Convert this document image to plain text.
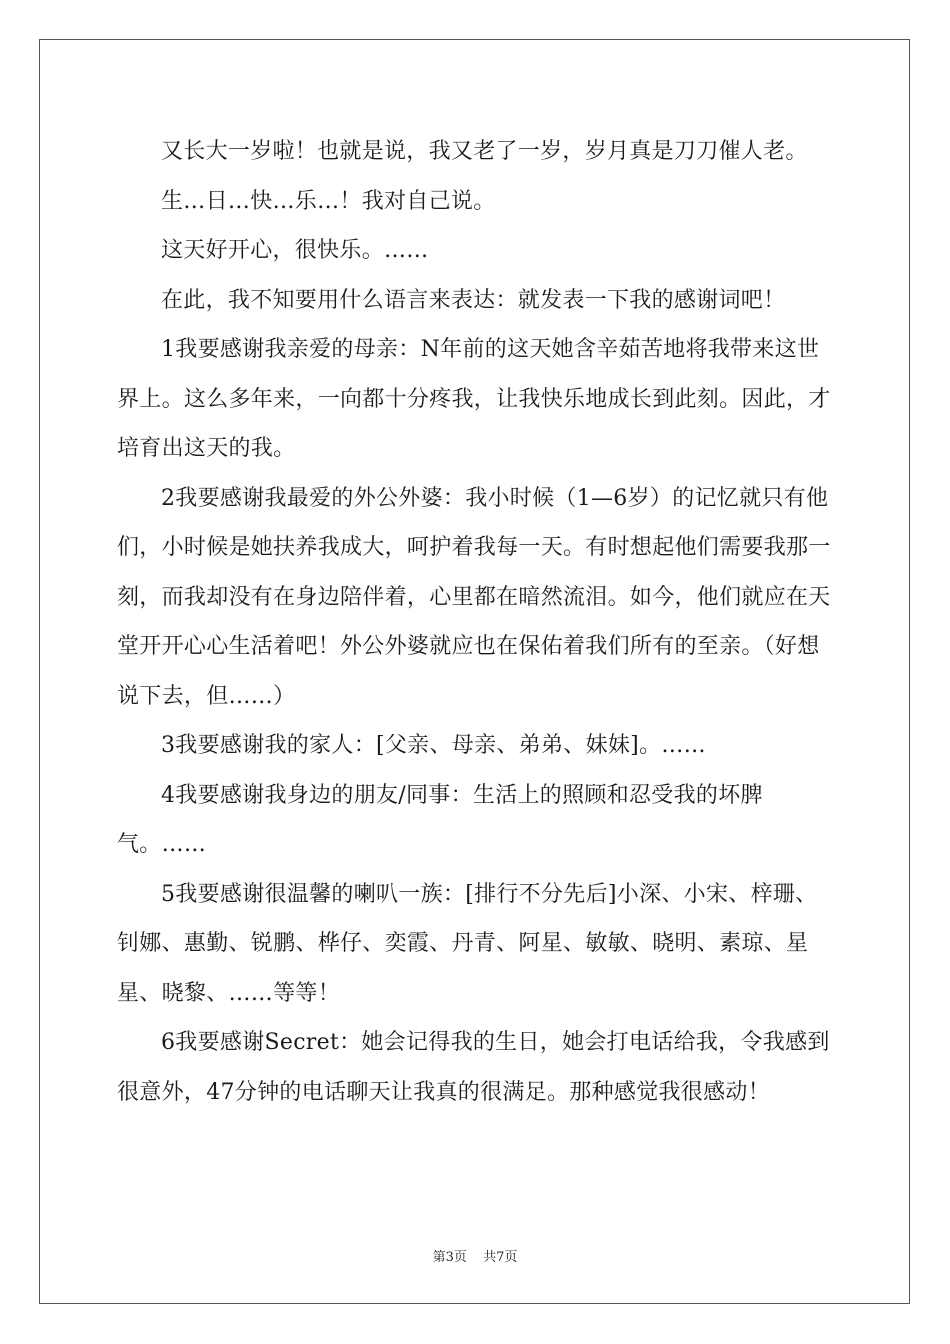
又长大一岁啦！也就是说，我又老了一岁，岁月真是刀刀催人老。

生…日…快…乐…！我对自己说。

这天好开心，很快乐。……

在此，我不知要用什么语言来表达：就发表一下我的感谢词吧！

1我要感谢我亲爱的母亲：N年前的这天她含辛茹苦地将我带来这世界上。这么多年来，一向都十分疼我，让我快乐地成长到此刻。因此，才培育出这天的我。

2我要感谢我最爱的外公外婆：我小时候（1—6岁）的记忆就只有他们，小时候是她扶养我成大，呵护着我每一天。有时想起他们需要我那一刻，而我却没有在身边陪伴着，心里都在暗然流泪。如今，他们就应在天堂开开心心生活着吧！外公外婆就应也在保佑着我们所有的至亲。（好想说下去，但……）

3我要感谢我的家人：[父亲、母亲、弟弟、妹妹]。……

4我要感谢我身边的朋友/同事：生活上的照顾和忍受我的坏脾气。……

5我要感谢很温馨的喇叭一族：[排行不分先后]小深、小宋、梓珊、钊娜、惠勤、锐鹏、桦仔、奕霞、丹青、阿星、敏敏、晓明、素琼、星星、晓黎、……等等！

6我要感谢Secret：她会记得我的生日，她会打电话给我，令我感到很意外，47分钟的电话聊天让我真的很满足。那种感觉我很感动！

第3页 共7页
